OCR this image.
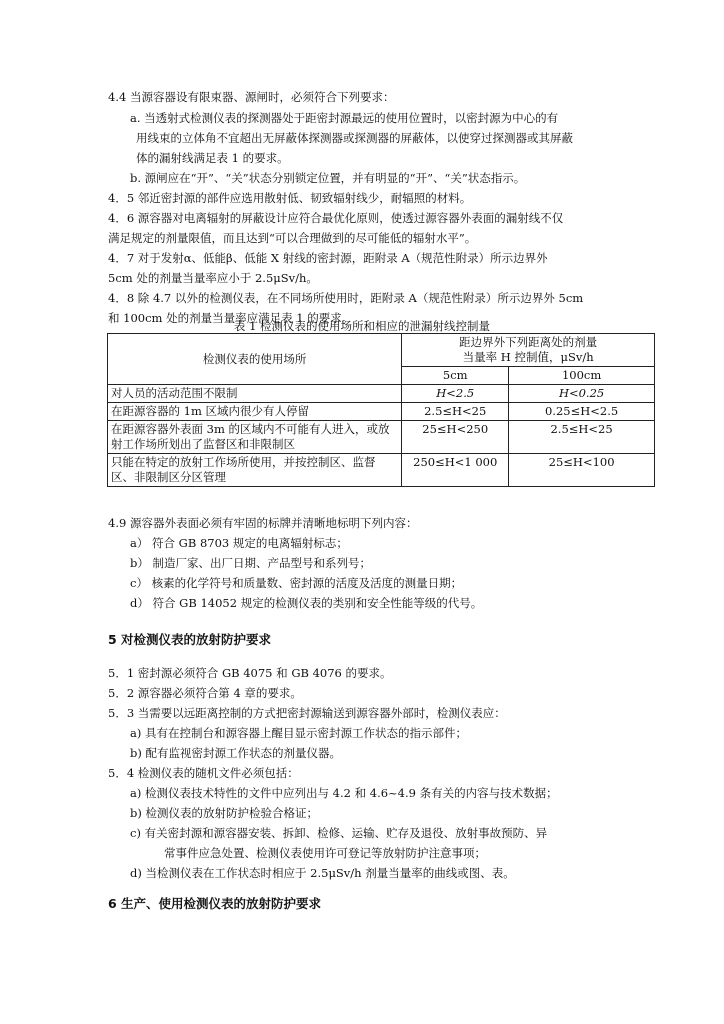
4.4 当源容器设有限束器、源闸时，必须符合下列要求：
a. 当透射式检测仪表的探测器处于距密封源最远的使用位置时，以密封源为中心的有
用线束的立体角不宜超出无屏蔽体探测器或探测器的屏蔽体，以使穿过探测器或其屏蔽
体的漏射线满足表 1 的要求。
b. 源闸应在“开”、“关”状态分别锁定位置，并有明显的“开”、“关”状态指示。
4．5 邻近密封源的部件应选用散射低、韧致辐射线少，耐辐照的材料。
4．6 源容器对电离辐射的屏蔽设计应符合最优化原则，使透过源容器外表面的漏射线不仅
满足规定的剂量限值，而且达到“可以合理做到的尽可能低的辐射水平”。
4．7 对于发射α、低能β、低能 X 射线的密封源，距附录 A（规范性附录）所示边界外
5cm 处的剂量当量率应小于 2.5μSv/h。
4．8 除 4.7 以外的检测仪表，在不同场所使用时，距附录 A（规范性附录）所示边界外 5cm
和 100cm 处的剂量当量率应满足表 1 的要求。
表 1 检测仪表的使用场所和相应的泄漏射线控制量
检测仪表的使用场所	距边界外下列距离处的剂量
当量率 H 控制值，μSv/h	

	5cm	100cm
对人员的活动范围不限制	H<2.5	H<0.25
在距源容器的 1m 区域内很少有人停留	2.5≤H<25	0.25≤H<2.5
在距源容器外表面 3m 的区域内不可能有人进入，或放射工作场所划出了监督区和非限制区	25≤H<250	2.5≤H<25
只能在特定的放射工作场所使用，并按控制区、监督区、非限制区分区管理	250≤H<1 000	25≤H<100
4.9 源容器外表面必须有牢固的标牌并清晰地标明下列内容：
a） 符合 GB 8703 规定的电离辐射标志；
b） 制造厂家、出厂日期、产品型号和系列号；
c） 核素的化学符号和质量数、密封源的活度及活度的测量日期；
d） 符合 GB 14052 规定的检测仪表的类别和安全性能等级的代号。
5 对检测仪表的放射防护要求
5．1 密封源必须符合 GB 4075 和 GB 4076 的要求。
5．2 源容器必须符合第 4 章的要求。
5．3 当需要以远距离控制的方式把密封源输送到源容器外部时，检测仪表应：
a) 具有在控制台和源容器上醒目显示密封源工作状态的指示部件；
b) 配有监视密封源工作状态的剂量仪器。
5．4 检测仪表的随机文件必须包括：
a) 检测仪表技术特性的文件中应列出与 4.2 和 4.6~4.9 条有关的内容与技术数据；
b) 检测仪表的放射防护检验合格证；
c) 有关密封源和源容器安装、拆卸、检修、运输、贮存及退役、放射事故预防、异
常事件应急处置、检测仪表使用许可登记等放射防护注意事项；
d) 当检测仪表在工作状态时相应于 2.5μSv/h 剂量当量率的曲线或图、表。
6 生产、使用检测仪表的放射防护要求
